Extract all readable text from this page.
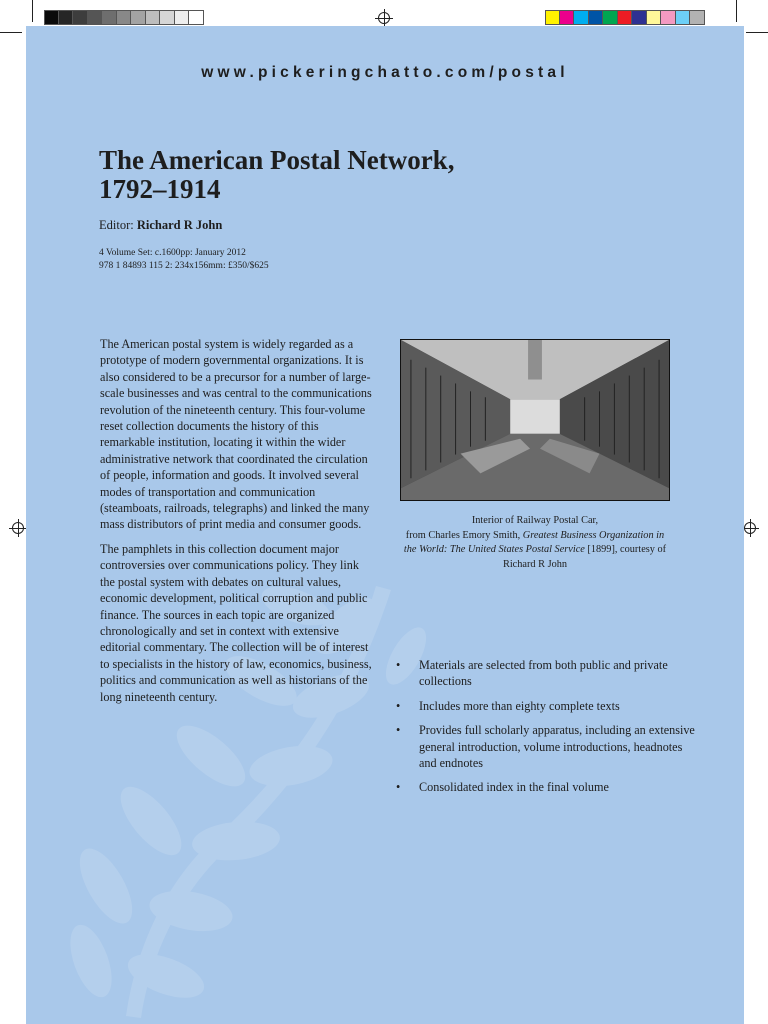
www.pickeringchatto.com/postal
The American Postal Network,
1792–1914
Editor: Richard R John
4 Volume Set: c.1600pp: January 2012
978 1 84893 115 2: 234x156mm: £350/$625

The American postal system is widely regarded as a prototype of modern governmental organizations. It is also considered to be a precursor for a number of large-scale businesses and was central to the communications revolution of the nineteenth century. This four-volume reset collection documents the history of this remarkable institution, locating it within the wider administrative network that coordinated the circulation of people, information and goods. It involved several modes of transportation and communication (steamboats, railroads, telegraphs) and linked the many mass distributors of print media and consumer goods.

The pamphlets in this collection document major controversies over communications policy. They link the postal system with debates on cultural values, economic development, political corruption and public finance. The sources in each topic are organized chronologically and set in context with extensive editorial commentary. The collection will be of interest to specialists in the history of law, economics, business, politics and communication as well as historians of the long nineteenth century.

Interior of Railway Postal Car,
from Charles Emory Smith, Greatest Business Organization in the World: The United States Postal Service [1899], courtesy of Richard R John
• Materials are selected from both public and private collections
• Includes more than eighty complete texts
• Provides full scholarly apparatus, including an extensive general introduction, volume introductions, headnotes and endnotes
• Consolidated index in the final volume
